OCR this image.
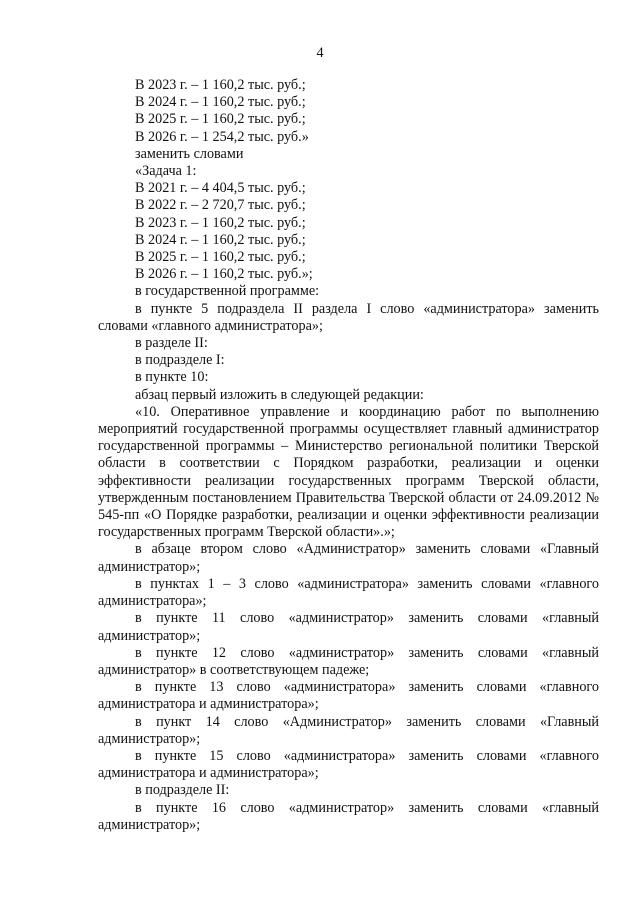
4

В 2023 г. – 1 160,2 тыс. руб.;

В 2024 г. – 1 160,2 тыс. руб.;

В 2025 г. – 1 160,2 тыс. руб.;

В 2026 г. – 1 254,2 тыс. руб.»

заменить словами

«Задача 1:

В 2021 г. – 4 404,5 тыс. руб.;

В 2022 г. – 2 720,7 тыс. руб.;

В 2023 г. – 1 160,2 тыс. руб.;

В 2024 г. – 1 160,2 тыс. руб.;

В 2025 г. – 1 160,2 тыс. руб.;

В 2026 г. – 1 160,2 тыс. руб.»;

в государственной программе:

в пункте 5 подраздела II раздела I слово «администратора» заменить словами «главного администратора»;

в разделе II:

в подразделе I:

в пункте 10:

абзац первый изложить в следующей редакции:

«10. Оперативное управление и координацию работ по выполнению мероприятий государственной программы осуществляет главный администратор государственной программы – Министерство региональной политики Тверской области в соответствии с Порядком разработки, реализации и оценки эффективности реализации государственных программ Тверской области, утвержденным постановлением Правительства Тверской области от 24.09.2012 № 545-пп «О Порядке разработки, реализации и оценки эффективности реализации государственных программ Тверской области».»;

в абзаце втором слово «Администратор» заменить словами «Главный администратор»;

в пунктах 1 – 3 слово «администратора» заменить словами «главного администратора»;

в пункте 11 слово «администратор» заменить словами «главный администратор»;

в пункте 12 слово «администратор» заменить словами «главный администратор» в соответствующем падеже;

в пункте 13 слово «администратора» заменить словами «главного администратора и администратора»;

в пункт 14 слово «Администратор» заменить словами «Главный администратор»;

в пункте 15 слово «администратора» заменить словами «главного администратора и администратора»;

в подразделе II:

в пункте 16 слово «администратор» заменить словами «главный администратор»;
